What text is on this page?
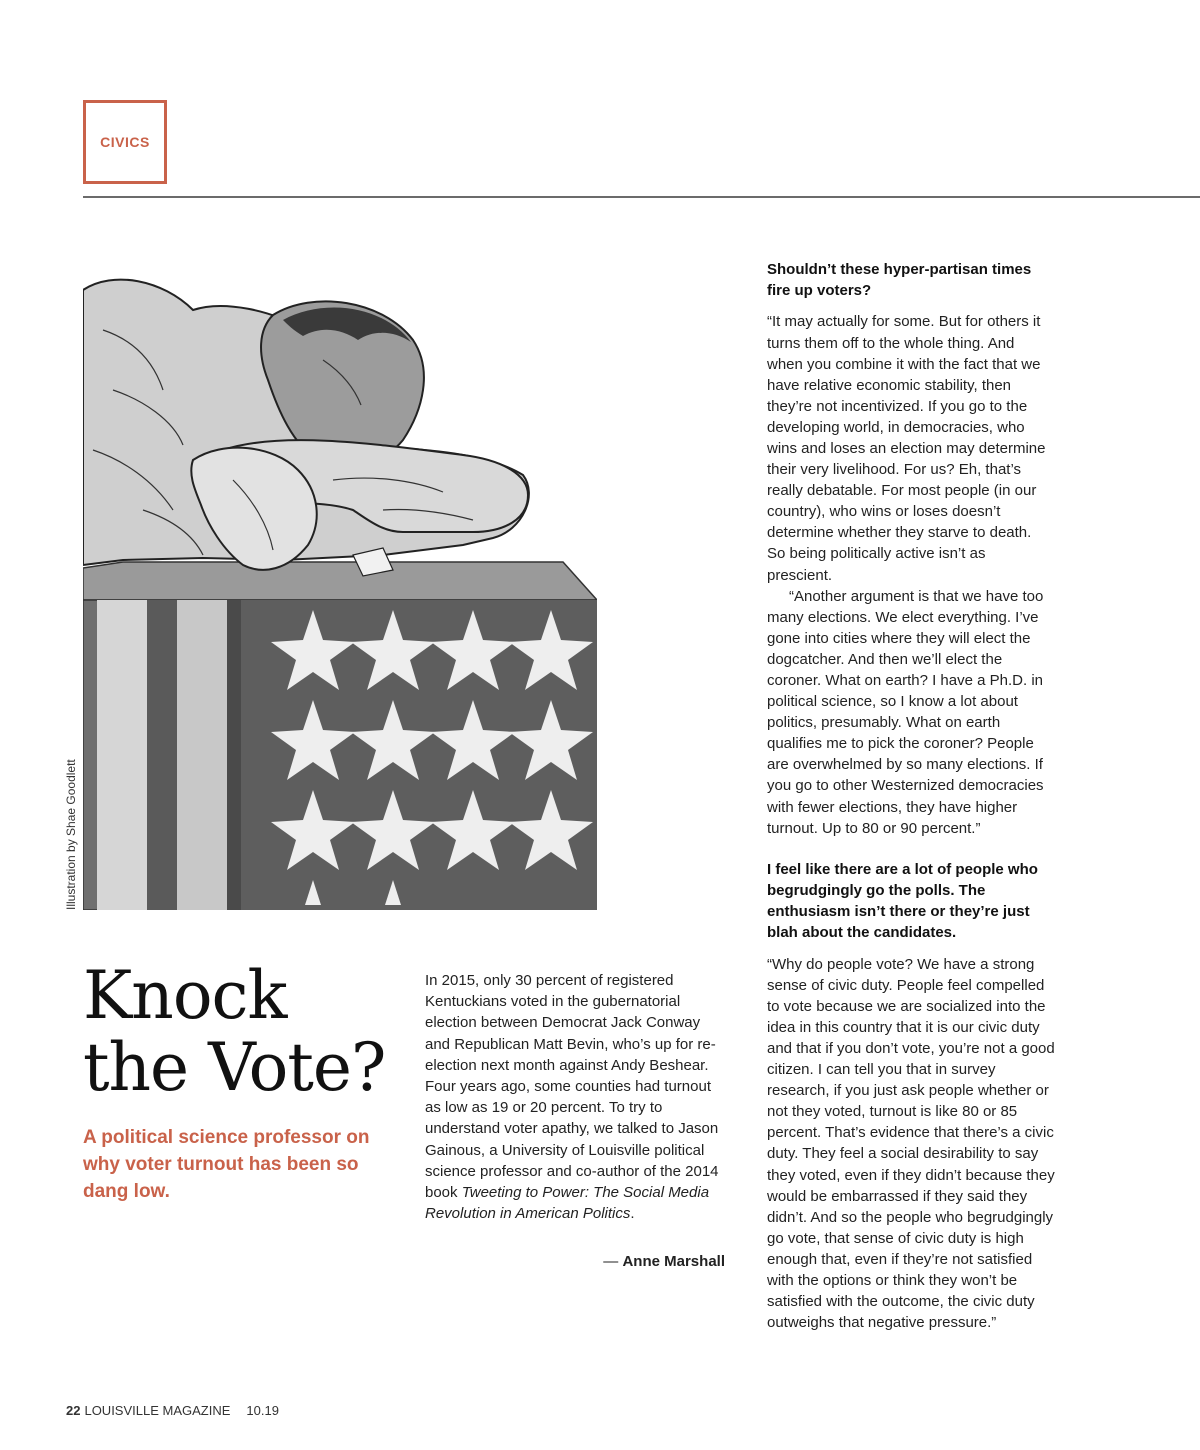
CIVICS
Illustration by Shae Goodlett
Knock
the Vote?

A political science professor on why voter turnout has been so dang low.

In 2015, only 30 percent of registered Kentuckians voted in the gubernatorial election between Democrat Jack Conway and Republican Matt Bevin, who’s up for re-election next month against Andy Beshear. Four years ago, some counties had turnout as low as 19 or 20 percent. To try to understand voter apathy, we talked to Jason Gainous, a University of Louisville political science professor and co-author of the 2014 book Tweeting to Power: The Social Media Revolution in American Politics.

— Anne Marshall

Shouldn’t these hyper-partisan times fire up voters?

“It may actually for some. But for others it turns them off to the whole thing. And when you combine it with the fact that we have relative economic stability, then they’re not incentivized. If you go to the developing world, in democracies, who wins and loses an election may determine their very livelihood. For us? Eh, that’s really debatable. For most people (in our country), who wins or loses doesn’t determine whether they starve to death. So being politically active isn’t as prescient.

“Another argument is that we have too many elections. We elect everything. I’ve gone into cities where they will elect the dogcatcher. And then we’ll elect the coroner. What on earth? I have a Ph.D. in political science, so I know a lot about politics, presumably. What on earth qualifies me to pick the coroner? People are overwhelmed by so many elections. If you go to other Westernized democracies with fewer elections, they have higher turnout. Up to 80 or 90 percent.”

I feel like there are a lot of people who begrudgingly go the polls. The enthusiasm isn’t there or they’re just blah about the candidates.

“Why do people vote? We have a strong sense of civic duty. People feel compelled to vote because we are socialized into the idea in this country that it is our civic duty and that if you don’t vote, you’re not a good citizen. I can tell you that in survey research, if you just ask people whether or not they voted, turnout is like 80 or 85 percent. That’s evidence that there’s a civic duty. They feel a social desirability to say they voted, even if they didn’t because they would be embarrassed if they said they didn’t. And so the people who begrudgingly go vote, that sense of civic duty is high enough that, even if they’re not satisfied with the options or think they won’t be satisfied with the outcome, the civic duty outweighs that negative pressure.”

22 LOUISVILLE MAGAZINE 10.19
